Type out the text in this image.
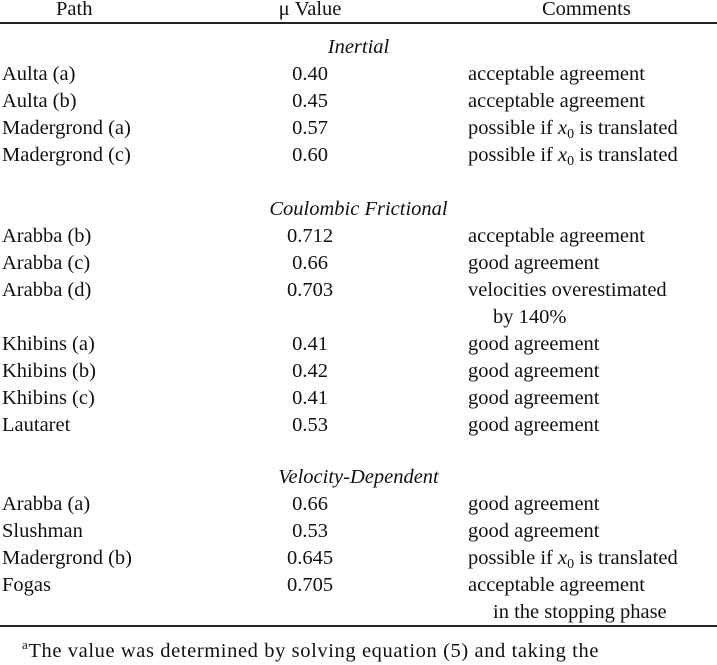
Path	μ Value	Comments
Inertial
Aulta (a)	0.40	acceptable agreement
Aulta (b)	0.45	acceptable agreement
Madergrond (a)	0.57	possible if $x_0$ is translated
Madergrond (c)	0.60	possible if $x_0$ is translated
Coulombic Frictional
Arabba (b)	0.712	acceptable agreement
Arabba (c)	0.66	good agreement
Arabba (d)	0.703	velocities overestimated
by 140%
Khibins (a)	0.41	good agreement
Khibins (b)	0.42	good agreement
Khibins (c)	0.41	good agreement
Lautaret	0.53	good agreement
Velocity-Dependent
Arabba (a)	0.66	good agreement
Slushman	0.53	good agreement
Madergrond (b)	0.645	possible if $x_0$ is translated
Fogas	0.705	acceptable agreement
in the stopping phase
$^a$The value was determined by solving equation (5) and taking the
